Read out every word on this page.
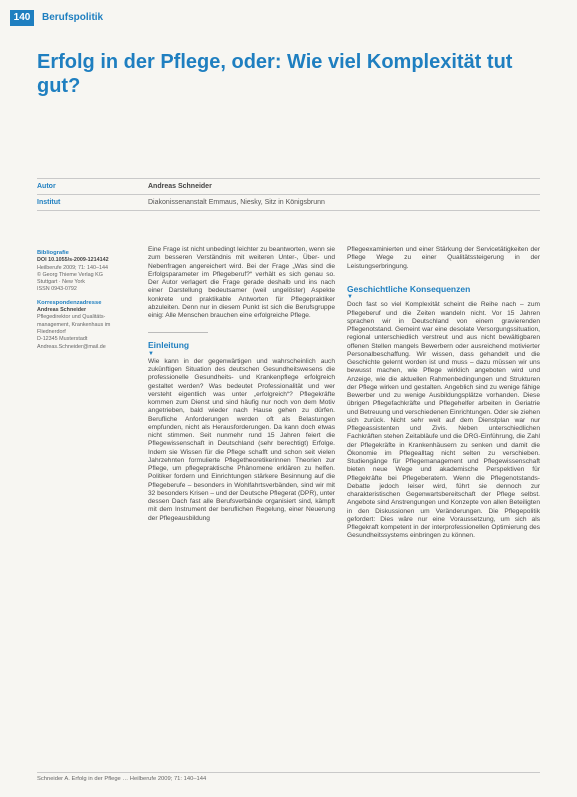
140	Berufspolitik
Erfolg in der Pflege, oder: Wie viel Komplexität tut gut?
Autor	Andreas Schneider
Institut	Diakonissenanstalt Emmaus, Niesky, Sitz in Königsbrunn
Bibliografie
DOI 10.1055/s-2009-1214142
Heilberufe 2009; 71: 140–144
© Georg Thieme Verlag KG
Stuttgart · New York
ISSN 0943-0792
Korrespondenzadresse
Andreas Schneider
Pflegedirektor und Qualitäts-
management, Krankenhaus im
Fliednerdorf
D-12345 Musterstadt
Andreas.Schneider@mail.de

Eine Frage ist nicht unbedingt leichter zu beantworten, wenn sie zum besseren Verständnis mit weiteren Unter-, Über- und Nebenfragen angereichert wird. Bei der Frage „Was sind die Erfolgsparameter im Pflegeberuf?“ verhält es sich genau so. Der Autor verlagert die Frage gerade deshalb und ins nach einer Darstellung bedeutsamer (weil ungelöster) Aspekte konkrete und praktikable Antworten für Pflegepraktiker abzuleiten. Denn nur in diesem Punkt ist sich die Berufsgruppe einig: Alle Menschen brauchen eine erfolgreiche Pflege.

Einleitung
▼

Wie kann in der gegenwärtigen und wahrscheinlich auch zukünftigen Situation des deutschen Gesundheitswesens die professionelle Gesundheits- und Krankenpflege erfolgreich gestaltet werden? Was bedeutet Professionalität und wer versteht eigentlich was unter „erfolgreich“? Pflegekräfte kommen zum Dienst und sind häufig nur noch von dem Motiv angetrieben, bald wieder nach Hause gehen zu dürfen. Berufliche Anforderungen werden oft als Belastungen empfunden, nicht als Herausforderungen. Da kann doch etwas nicht stimmen. Seit nunmehr rund 15 Jahren feiert die Pflegewissenschaft in Deutschland (sehr berechtigt) Erfolge. Indem sie Wissen für die Pflege schafft und schon seit vielen Jahrzehnten formulierte Pflegetheoretikerinnen Theorien zur Pflege, um pflegepraktische Phänomene erklären zu helfen. Politiker fordern und Einrichtungen stärkere Besinnung auf die Pflegeberufe – besonders in Wohlfahrtsverbänden, sind wir mit 32 besonders Krisen – und der Deutsche Pflegerat (DPR), unter dessen Dach fast alle Berufsverbände organisiert sind, kämpft mit dem Instrument der beruflichen Regelung, einer Neuerung der Pflegeausbildung

Pflegeexaminierten und einer Stärkung der Servicetätigkeiten der Pflege Wege zu einer Qualitätssteigerung in der Leistungserbringung.

Geschichtliche Konsequenzen
▼

Doch fast so viel Komplexität scheint die Reihe nach – zum Pflegeberuf und die Zeiten wandeln nicht. Vor 15 Jahren sprachen wir in Deutschland von einem gravierenden Pflegenotstand. Gemeint war eine desolate Versorgungssituation, regional unterschiedlich verstreut und aus nicht bewältigbaren offenen Stellen mangels Bewerbern oder ausreichend motivierter Personalbeschaffung. Wir wissen, dass gehandelt und die Geschichte gelernt worden ist und muss – dazu müssen wir uns bewusst machen, wie Pflege wirklich angeboten wird und Anzeige, wie die aktuellen Rahmenbedingungen und Strukturen der Pflege wirken und gestalten. Angeblich sind zu wenige fähige Bewerber und zu wenige Ausbildungsplätze vorhanden. Diese übrigen Pflegefachkräfte und Pflegehelfer arbeiten in Geriatrie und Betreuung und verschiedenen Einrichtungen. Oder sie ziehen sich zurück. Nicht sehr weit auf dem Dienstplan war nur Pflegeassistenten und Zivis. Neben unterschiedlichen Fachkräften stehen Zeitabläufe und die DRG-Einführung, die Zahl der Pflegekräfte in Krankenhäusern zu senken und damit die Ökonomie im Pflegealltag nicht selten zu verschieben. Studiengänge für Pflegemanagement und Pflegewissenschaft bieten neue Wege und akademische Perspektiven für Pflegekräfte bei Pflegeberatern. Wenn die Pflegenotstands-Debatte jedoch leiser wird, führt sie dennoch zur charakteristischen Gegenwartsbereitschaft der Pflege selbst. Angebote sind Anstrengungen und Konzepte von allen Beteiligten in den Diskussionen um Veränderungen. Die Pflegepolitik gefordert: Dies wäre nur eine Voraussetzung, um sich als Pflegekraft kompetent in der interprofessionellen Optimierung des Gesundheitssystems einbringen zu können.

Schneider A. Erfolg in der Pflege … Heilberufe 2009; 71: 140–144
